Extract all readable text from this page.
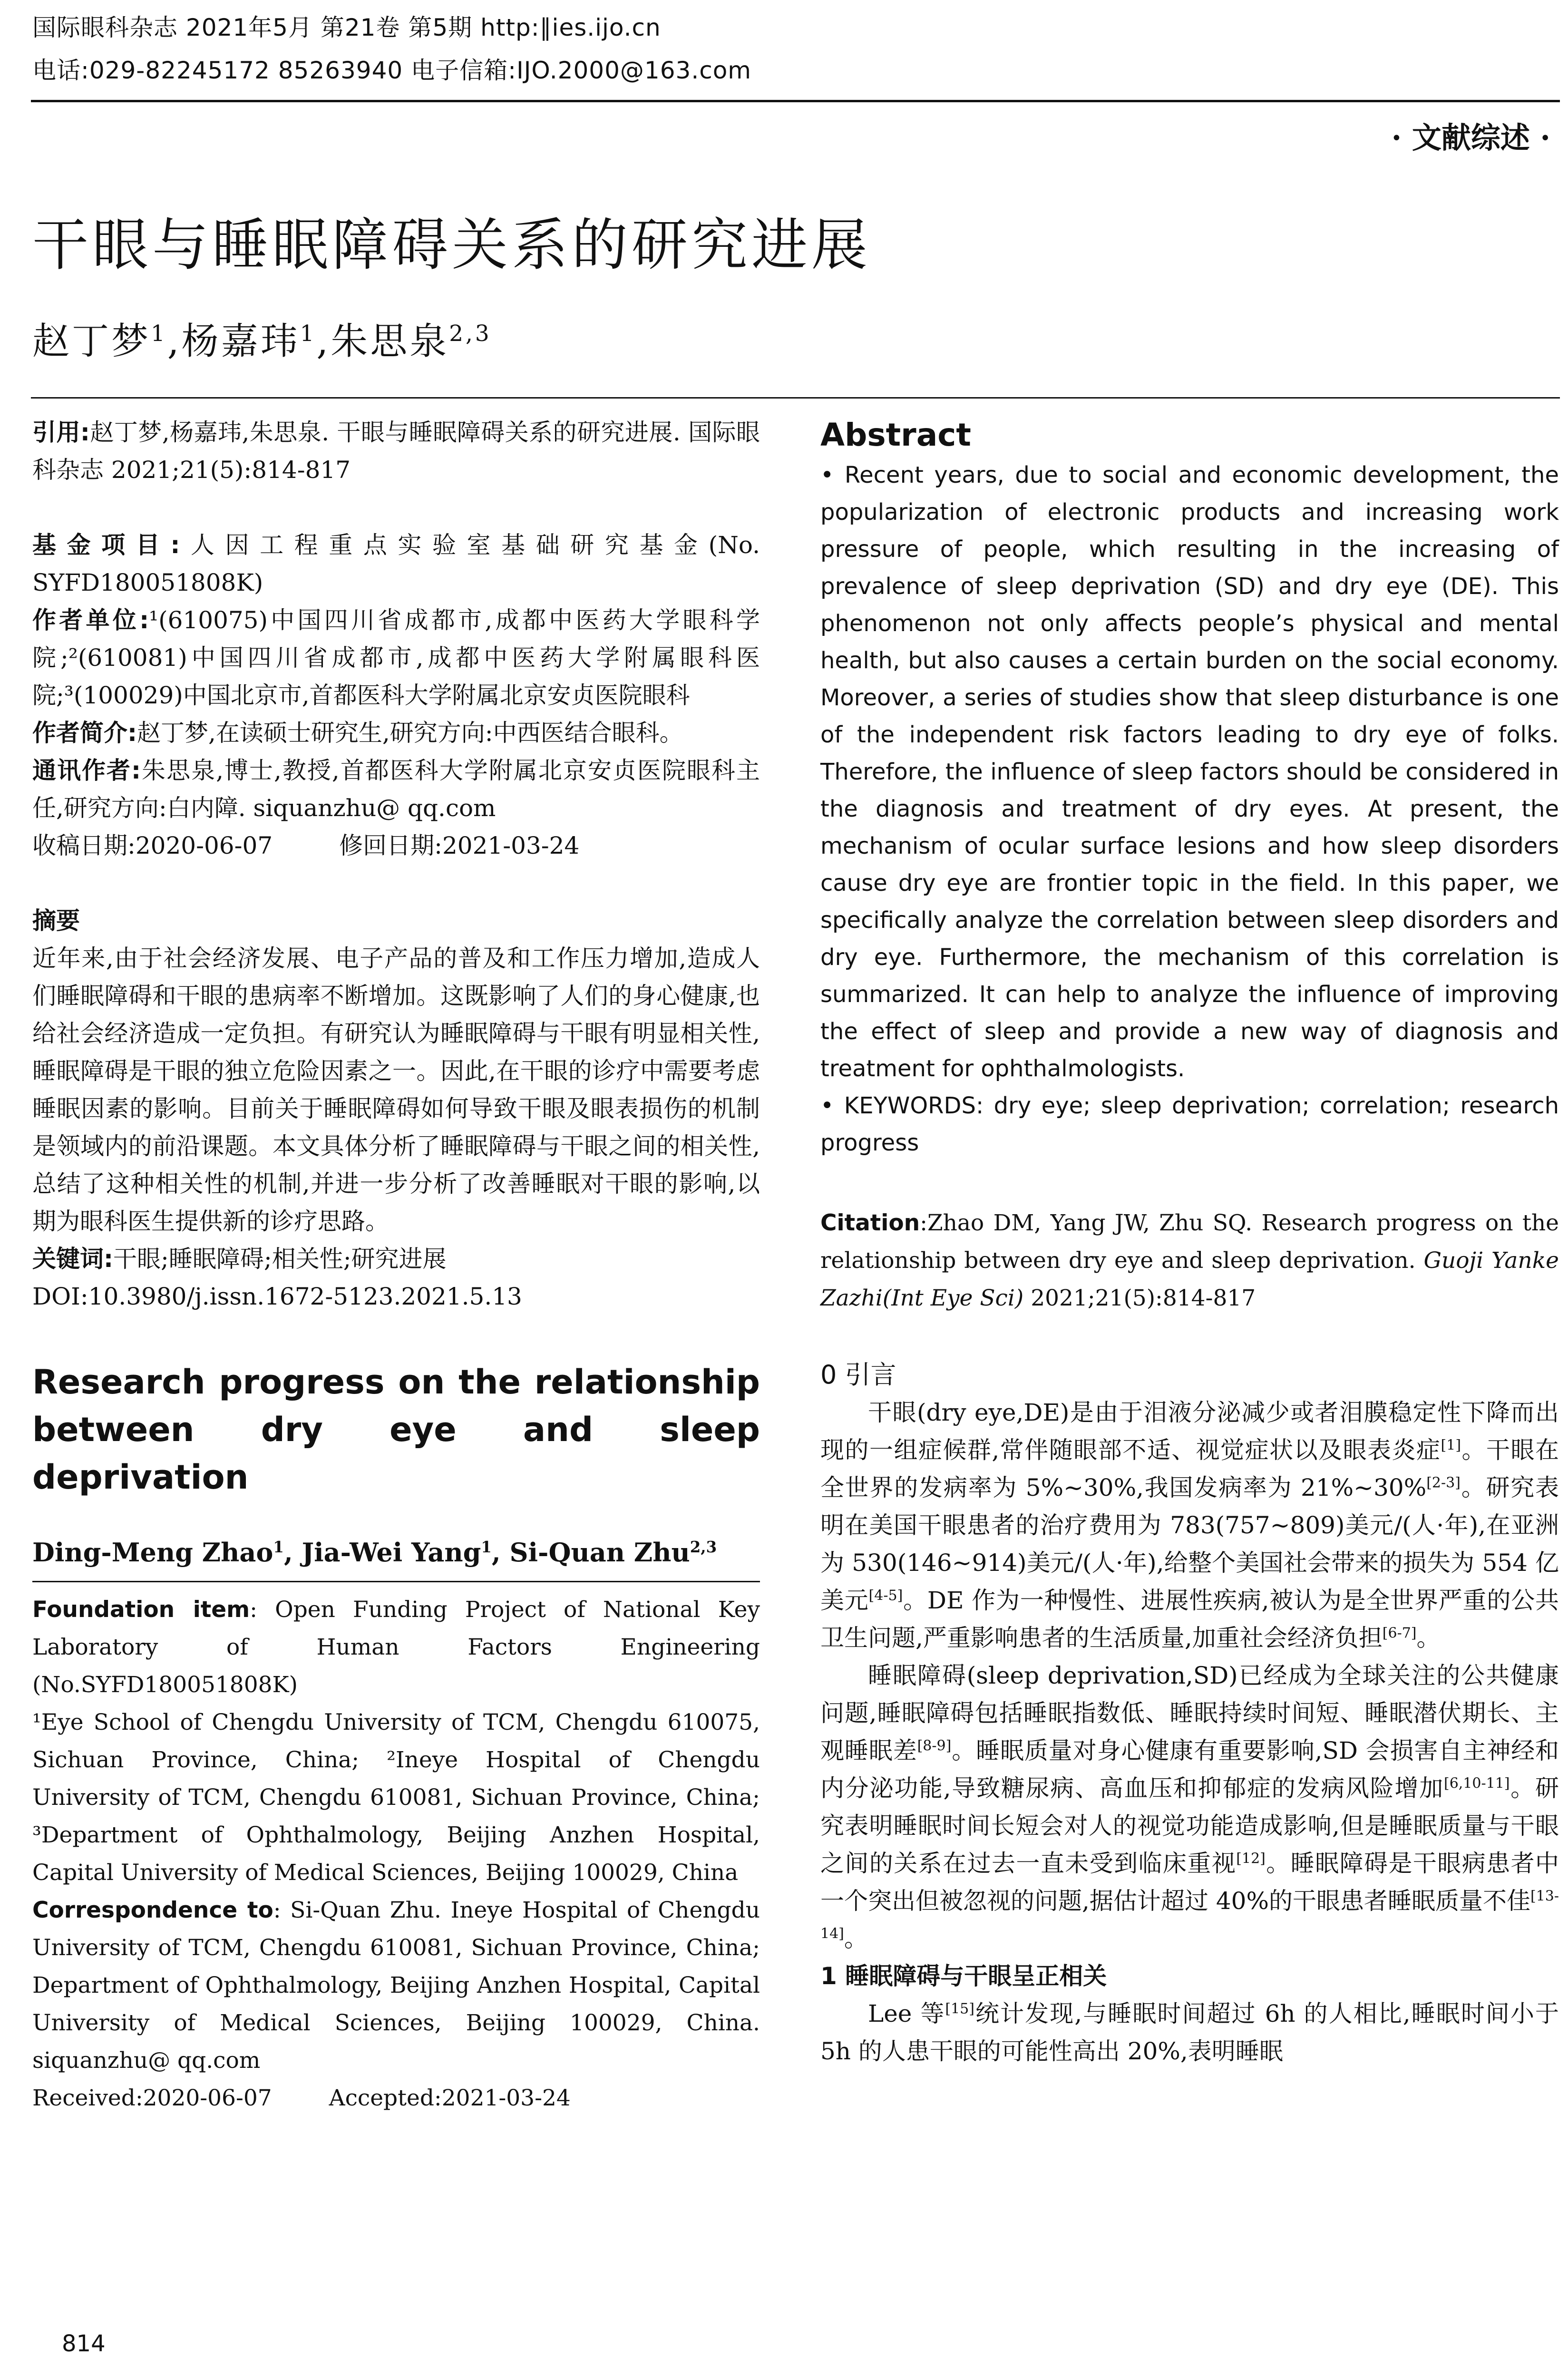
国际眼科杂志 2021年5月 第21卷 第5期 http:∥ies.ijo.cn
电话:029-82245172 85263940 电子信箱:IJO.2000@163.com
· 文献综述 ·
干眼与睡眠障碍关系的研究进展
赵丁梦$^1$,杨嘉玮$^1$,朱思泉$^{2,3}$

引用:赵丁梦,杨嘉玮,朱思泉. 干眼与睡眠障碍关系的研究进展. 国际眼科杂志 2021;21(5):814-817

基金项目:人因工程重点实验室基础研究基金(No. SYFD180051808K)

作者单位:¹(610075)中国四川省成都市,成都中医药大学眼科学院;²(610081)中国四川省成都市,成都中医药大学附属眼科医院;³(100029)中国北京市,首都医科大学附属北京安贞医院眼科

作者简介:赵丁梦,在读硕士研究生,研究方向:中西医结合眼科。

通讯作者:朱思泉,博士,教授,首都医科大学附属北京安贞医院眼科主任,研究方向:白内障. siquanzhu@ qq.com

收稿日期:2020-06-07	修回日期:2021-03-24

摘要

近年来,由于社会经济发展、电子产品的普及和工作压力增加,造成人们睡眠障碍和干眼的患病率不断增加。这既影响了人们的身心健康,也给社会经济造成一定负担。有研究认为睡眠障碍与干眼有明显相关性,睡眠障碍是干眼的独立危险因素之一。因此,在干眼的诊疗中需要考虑睡眠因素的影响。目前关于睡眠障碍如何导致干眼及眼表损伤的机制是领域内的前沿课题。本文具体分析了睡眠障碍与干眼之间的相关性,总结了这种相关性的机制,并进一步分析了改善睡眠对干眼的影响,以期为眼科医生提供新的诊疗思路。

关键词:干眼;睡眠障碍;相关性;研究进展

DOI:10.3980/j.issn.1672-5123.2021.5.13

Research progress on the relationship between dry eye and sleep deprivation

Ding-Meng Zhao$^1$, Jia-Wei Yang$^1$, Si-Quan Zhu$^{2,3}$

Foundation item: Open Funding Project of National Key Laboratory of Human Factors Engineering (No.SYFD180051808K)

¹Eye School of Chengdu University of TCM, Chengdu 610075, Sichuan Province, China; ²Ineye Hospital of Chengdu University of TCM, Chengdu 610081, Sichuan Province, China; ³Department of Ophthalmology, Beijing Anzhen Hospital, Capital University of Medical Sciences, Beijing 100029, China

Correspondence to: Si-Quan Zhu. Ineye Hospital of Chengdu University of TCM, Chengdu 610081, Sichuan Province, China; Department of Ophthalmology, Beijing Anzhen Hospital, Capital University of Medical Sciences, Beijing 100029, China. siquanzhu@ qq.com

Received:2020-06-07	Accepted:2021-03-24

Abstract

• Recent years, due to social and economic development, the popularization of electronic products and increasing work pressure of people, which resulting in the increasing of prevalence of sleep deprivation (SD) and dry eye (DE). This phenomenon not only affects people’s physical and mental health, but also causes a certain burden on the social economy. Moreover, a series of studies show that sleep disturbance is one of the independent risk factors leading to dry eye of folks. Therefore, the influence of sleep factors should be considered in the diagnosis and treatment of dry eyes. At present, the mechanism of ocular surface lesions and how sleep disorders cause dry eye are frontier topic in the field. In this paper, we specifically analyze the correlation between sleep disorders and dry eye. Furthermore, the mechanism of this correlation is summarized. It can help to analyze the influence of improving the effect of sleep and provide a new way of diagnosis and treatment for ophthalmologists.

• KEYWORDS: dry eye; sleep deprivation; correlation; research progress

Citation:Zhao DM, Yang JW, Zhu SQ. Research progress on the relationship between dry eye and sleep deprivation. Guoji Yanke Zazhi(Int Eye Sci) 2021;21(5):814-817

0 引言

干眼(dry eye,DE)是由于泪液分泌减少或者泪膜稳定性下降而出现的一组症候群,常伴随眼部不适、视觉症状以及眼表炎症[1]。干眼在全世界的发病率为 5%~30%,我国发病率为 21%~30%[2-3]。研究表明在美国干眼患者的治疗费用为 783(757~809)美元/(人·年),在亚洲为 530(146~914)美元/(人·年),给整个美国社会带来的损失为 554 亿美元[4-5]。DE 作为一种慢性、进展性疾病,被认为是全世界严重的公共卫生问题,严重影响患者的生活质量,加重社会经济负担[6-7]。

睡眠障碍(sleep deprivation,SD)已经成为全球关注的公共健康问题,睡眠障碍包括睡眠指数低、睡眠持续时间短、睡眠潜伏期长、主观睡眠差[8-9]。睡眠质量对身心健康有重要影响,SD 会损害自主神经和内分泌功能,导致糖尿病、高血压和抑郁症的发病风险增加[6,10-11]。研究表明睡眠时间长短会对人的视觉功能造成影响,但是睡眠质量与干眼之间的关系在过去一直未受到临床重视[12]。睡眠障碍是干眼病患者中一个突出但被忽视的问题,据估计超过 40%的干眼患者睡眠质量不佳[13-14]。

1 睡眠障碍与干眼呈正相关

Lee 等[15]统计发现,与睡眠时间超过 6h 的人相比,睡眠时间小于 5h 的人患干眼的可能性高出 20%,表明睡眠

814
